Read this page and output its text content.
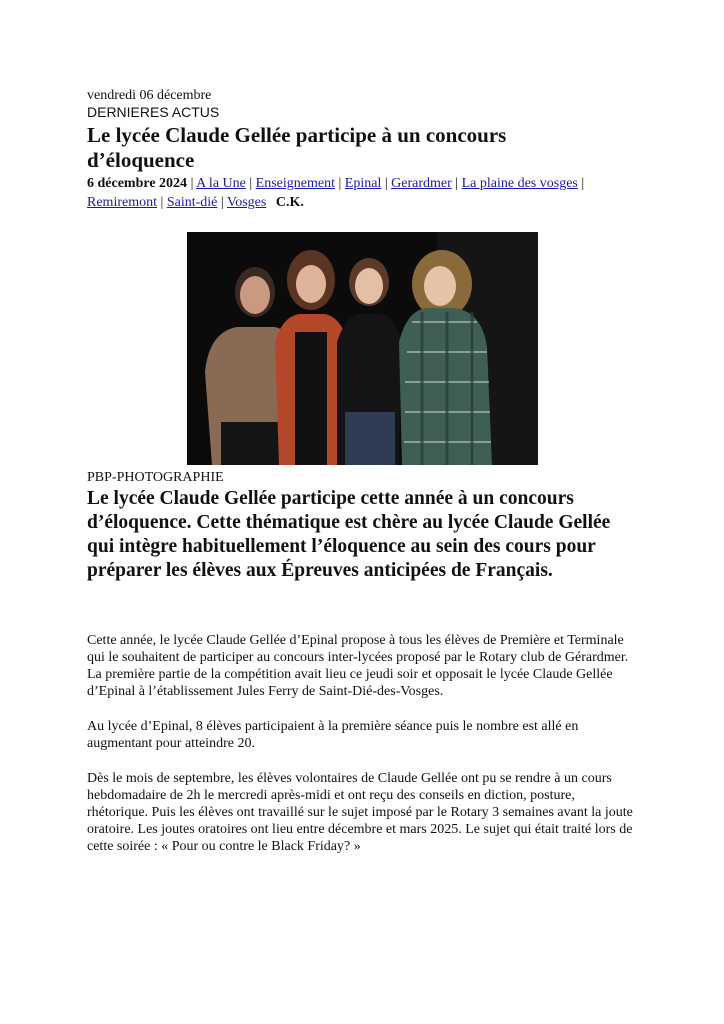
vendredi 06 décembre
DERNIERES ACTUS
Le lycée Claude Gellée participe à un concours d’éloquence
6 décembre 2024 | A la Une | Enseignement | Epinal | Gerardmer | La plaine des vosges | Remiremont | Saint-dié | Vosges C.K.
PBP-PHOTOGRAPHIE

Le lycée Claude Gellée participe cette année à un concours d’éloquence. Cette thématique est chère au lycée Claude Gellée qui intègre habituellement l’éloquence au sein des cours pour préparer les élèves aux Épreuves anticipées de Français.

Cette année, le lycée Claude Gellée d’Epinal propose à tous les élèves de Première et Terminale qui le souhaitent de participer au concours inter-lycées proposé par le Rotary club de Gérardmer. La première partie de la compétition avait lieu ce jeudi soir et opposait le lycée Claude Gellée d’Epinal à l’établissement Jules Ferry de Saint-Dié-des-Vosges.

Au lycée d’Epinal, 8 élèves participaient à la première séance puis le nombre est allé en augmentant pour atteindre 20.

Dès le mois de septembre, les élèves volontaires de Claude Gellée ont pu se rendre à un cours hebdomadaire de 2h le mercredi après-midi et ont reçu des conseils en diction, posture, rhétorique. Puis les élèves ont travaillé sur le sujet imposé par le Rotary 3 semaines avant la joute oratoire. Les joutes oratoires ont lieu entre décembre et mars 2025. Le sujet qui était traité lors de cette soirée : « Pour ou contre le Black Friday? »
